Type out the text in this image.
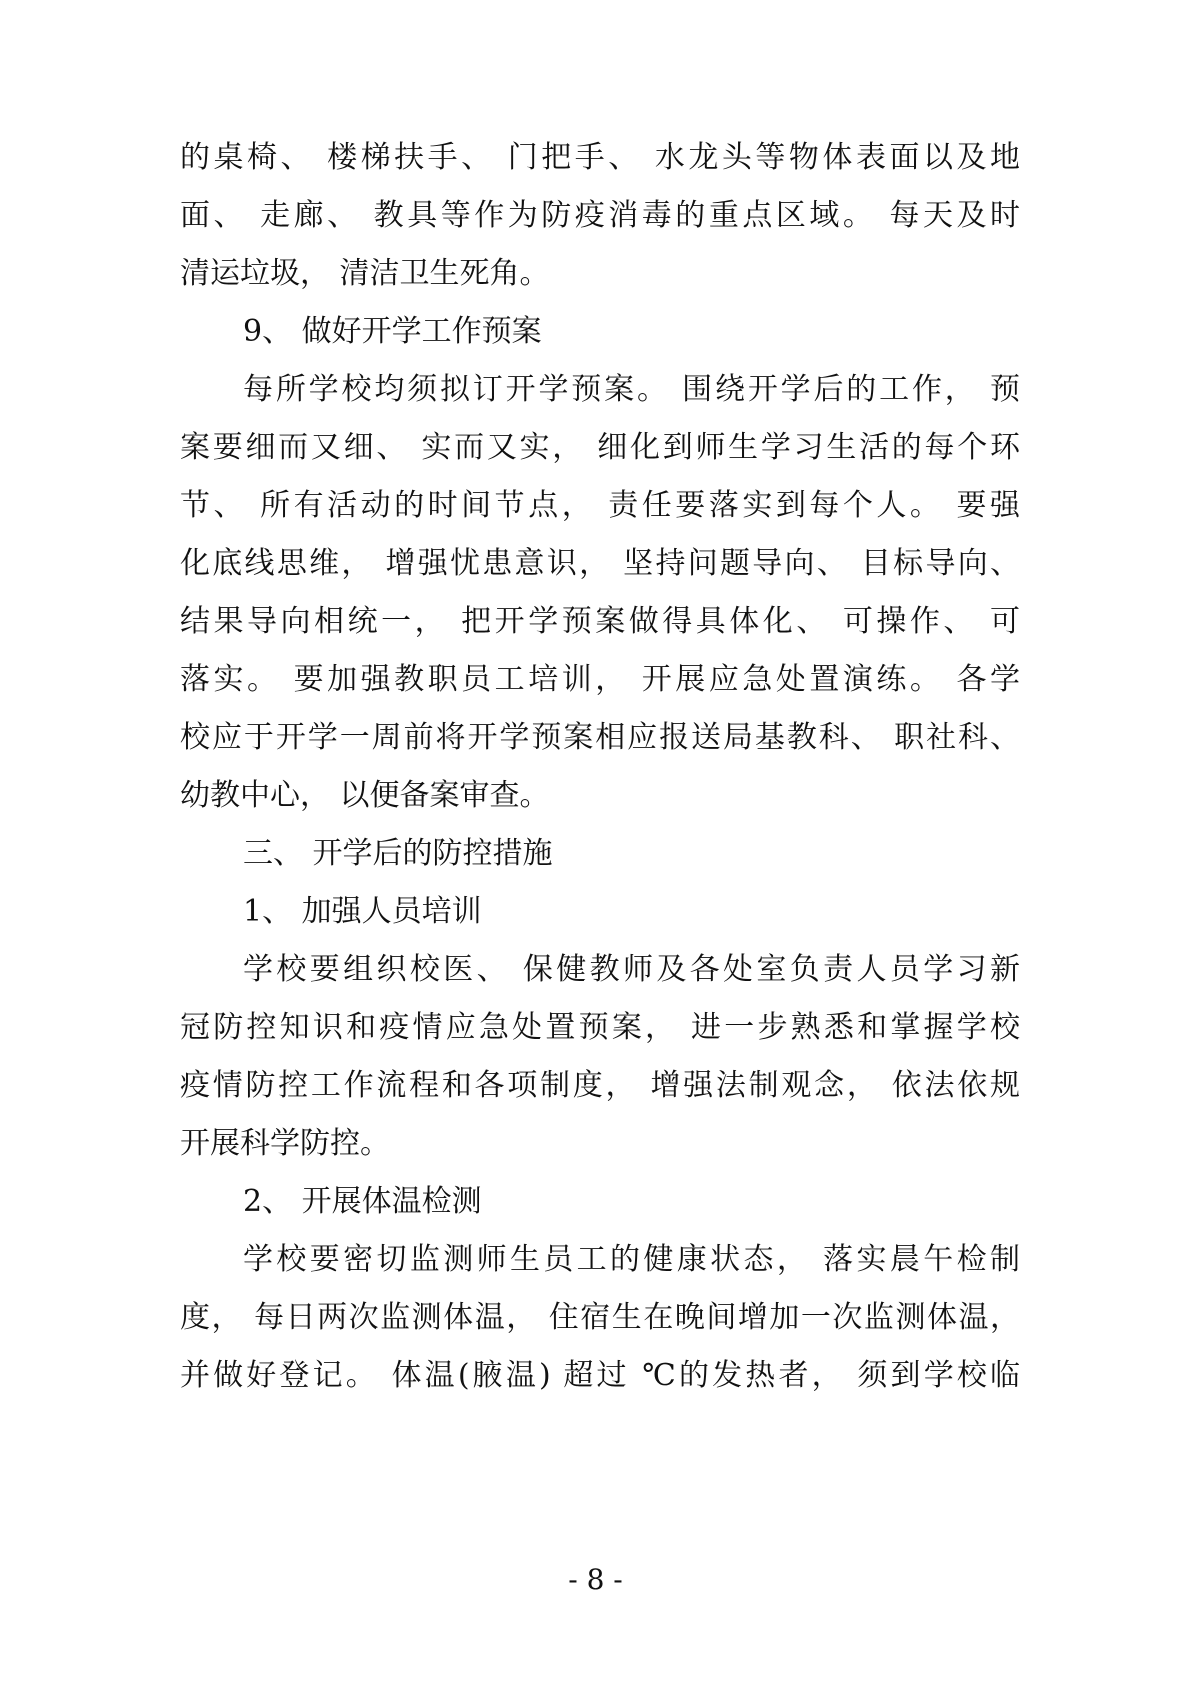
的桌椅、 楼梯扶手、 门把手、 水龙头等物体表面以及地
面、 走廊、 教具等作为防疫消毒的重点区域。 每天及时
清运垃圾， 清洁卫生死角。
9、 做好开学工作预案
每所学校均须拟订开学预案。 围绕开学后的工作， 预
案要细而又细、 实而又实， 细化到师生学习生活的每个环
节、 所有活动的时间节点， 责任要落实到每个人。 要强
化底线思维， 增强忧患意识， 坚持问题导向、 目标导向、
结果导向相统一， 把开学预案做得具体化、 可操作、 可
落实。 要加强教职员工培训， 开展应急处置演练。 各学
校应于开学一周前将开学预案相应报送局基教科、 职社科、
幼教中心， 以便备案审查。
三、 开学后的防控措施
1、 加强人员培训
学校要组织校医、 保健教师及各处室负责人员学习新
冠防控知识和疫情应急处置预案， 进一步熟悉和掌握学校
疫情防控工作流程和各项制度， 增强法制观念， 依法依规
开展科学防控。
2、 开展体温检测
学校要密切监测师生员工的健康状态， 落实晨午检制
度， 每日两次监测体温， 住宿生在晚间增加一次监测体温，
并做好登记。 体温(腋温) 超过 ℃的发热者， 须到学校临
- 8 -
